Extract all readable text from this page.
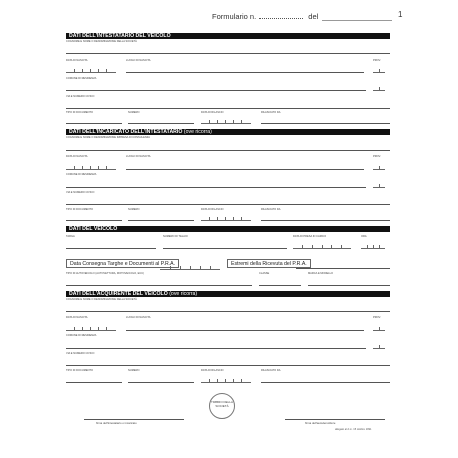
Formulario n.	del	1
DATI DELL'INTESTATARIO DEL VEICOLO
COGNOME E NOME O DENOMINAZIONE DELLA SOCIETÀ
DATA DI NASCITA	LUOGO DI NASCITA	PROV.
COMUNE DI RESIDENZA
VIA E NUMERO CIVICO
TIPO DI DOCUMENTO	NUMERO	DATA DI RILASCIO	RILASCIATO DA
DATI DELL'INCARICATO DELL'INTESTATARIO (ove ricorra)
COGNOME E NOME O DENOMINAZIONE IMPRESA DI CONSULENZA
DATA DI NASCITA	LUOGO DI NASCITA	PROV.
COMUNE DI RESIDENZA
VIA E NUMERO CIVICO
TIPO DI DOCUMENTO	NUMERO	DATA DI RILASCIO	RILASCIATO DA
DATI DEL VEICOLO
TARGA	NUMERO DI TELAIO	DATA DI PRESA IN CARICO	ORA
Data Consegna Targhe e Documenti al P.R.A.	Estremi della Ricevuta del P.R.A.
TIPO DI AUTOVEICOLO (AUTOVETTURA, MOTOVEICOLO, ECC)	CLASSE	MARCA E MODELLO
DATI DELL'ACQUIRENTE DEL VEICOLO (ove ricorra)
COGNOME E NOME O DENOMINAZIONE DELLA SOCIETÀ
DATA DI NASCITA	LUOGO DI NASCITA	PROV.
COMUNE DI RESIDENZA
VIA E NUMERO CIVICO
TIPO DI DOCUMENTO	NUMERO	DATA DI RILASCIO	RILASCIATO DA
TIMBRO DELLA SOCIETÀ
firma dell'intestatario o incaricato	firma dell'autodemolitore
allegato al d.m. 15 ottobre 1991
